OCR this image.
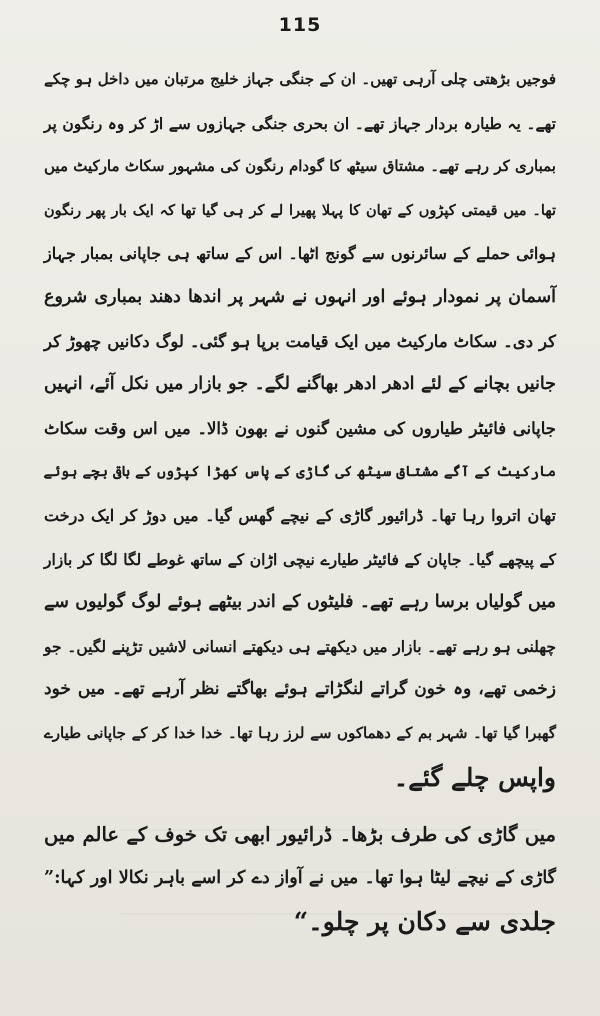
115
فوجیں بڑھتی چلی آرہی تھیں۔ ان کے جنگی جہاز خلیج مرتبان میں داخل ہو چکے
تھے۔ یہ طیارہ بردار جہاز تھے۔ ان بحری جنگی جہازوں سے اڑ کر وہ رنگون پر
بمباری کر رہے تھے۔ مشتاق سیٹھ کا گودام رنگون کی مشہور سکاٹ مارکیٹ میں
تھا۔ میں قیمتی کپڑوں کے تھان کا پہلا پھیرا لے کر ہی گیا تھا کہ ایک بار پھر رنگون
ہوائی حملے کے سائرنوں سے گونج اٹھا۔ اس کے ساتھ ہی جاپانی بمبار جہاز
آسمان پر نمودار ہوئے اور انہوں نے شہر پر اندھا دھند بمباری شروع
کر دی۔ سکاٹ مارکیٹ میں ایک قیامت برپا ہو گئی۔ لوگ دکانیں چھوڑ کر
جانیں بچانے کے لئے ادھر ادھر بھاگنے لگے۔ جو بازار میں نکل آئے، انہیں
جاپانی فائیٹر طیاروں کی مشین گنوں نے بھون ڈالا۔ میں اس وقت سکاٹ
مارکیٹ کے آگے مشتاق سیٹھ کی گاڑی کے پاس کھڑا کپڑوں کے باقی بچے ہوئے
تھان اتروا رہا تھا۔ ڈرائیور گاڑی کے نیچے گھس گیا۔ میں دوڑ کر ایک درخت
کے پیچھے گیا۔ جاپان کے فائیٹر طیارے نیچی اڑان کے ساتھ غوطے لگا لگا کر بازار
میں گولیاں برسا رہے تھے۔ فلیٹوں کے اندر بیٹھے ہوئے لوگ گولیوں سے
چھلنی ہو رہے تھے۔ بازار میں دیکھتے ہی دیکھتے انسانی لاشیں تڑپنے لگیں۔ جو
زخمی تھے، وہ خون گراتے لنگڑاتے ہوئے بھاگتے نظر آرہے تھے۔ میں خود
گھبرا گیا تھا۔ شہر بم کے دھماکوں سے لرز رہا تھا۔ خدا خدا کر کے جاپانی طیارے
واپس چلے گئے۔
میں گاڑی کی طرف بڑھا۔ ڈرائیور ابھی تک خوف کے عالم میں
گاڑی کے نیچے لیٹا ہوا تھا۔ میں نے آواز دے کر اسے باہر نکالا اور کہا:”
جلدی سے دکان پر چلو۔“
